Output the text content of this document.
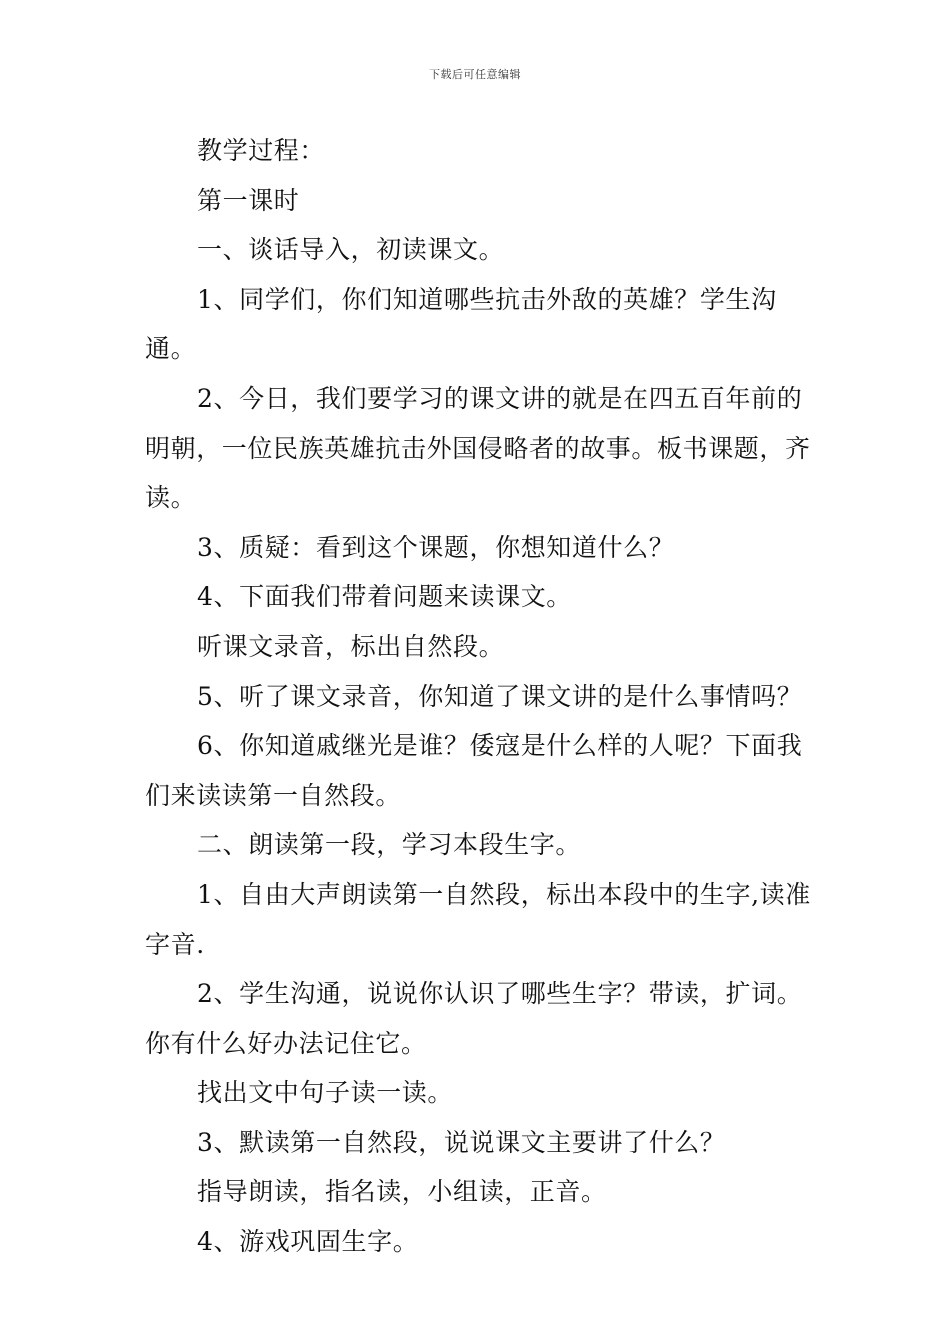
下载后可任意编辑

教学过程：

第一课时

一、谈话导入，初读课文。

1、同学们，你们知道哪些抗击外敌的英雄？学生沟通。

2、今日，我们要学习的课文讲的就是在四五百年前的明朝，一位民族英雄抗击外国侵略者的故事。板书课题，齐读。

3、质疑：看到这个课题，你想知道什么？

4、下面我们带着问题来读课文。

听课文录音，标出自然段。

5、听了课文录音，你知道了课文讲的是什么事情吗？

6、你知道戚继光是谁？倭寇是什么样的人呢？下面我们来读读第一自然段。

二、朗读第一段，学习本段生字。

1、自由大声朗读第一自然段，标出本段中的生字,读准字音.

2、学生沟通，说说你认识了哪些生字？带读，扩词。你有什么好办法记住它。

找出文中句子读一读。

3、默读第一自然段，说说课文主要讲了什么？

指导朗读，指名读，小组读，正音。

4、游戏巩固生字。
